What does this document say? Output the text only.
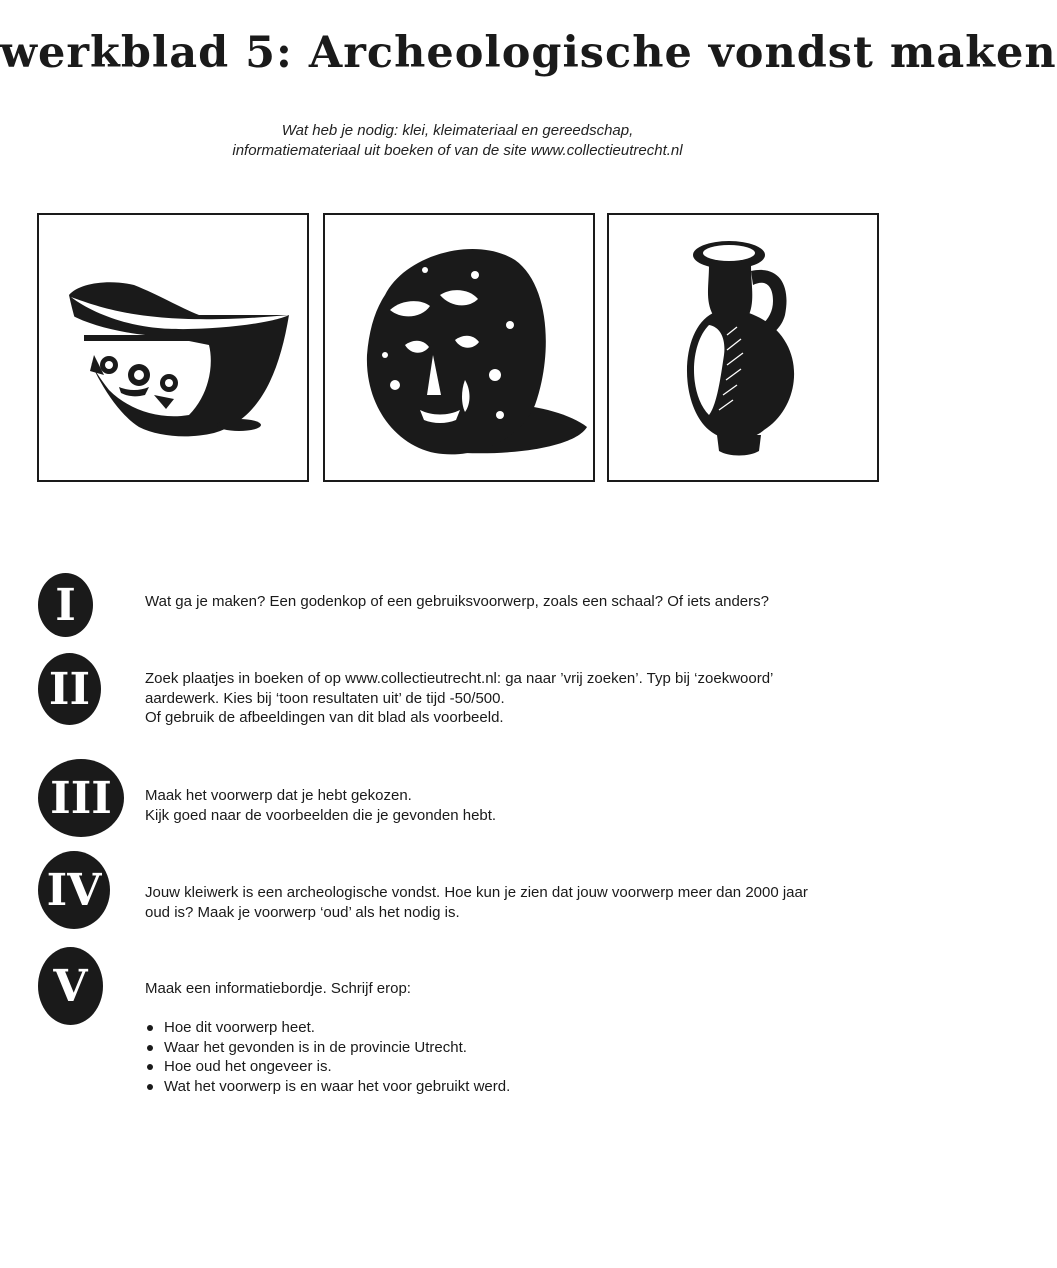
werkblad 5: Archeologische vondst maken
Wat heb je nodig: klei, kleimateriaal en gereedschap,
informatiemateriaal uit boeken of van de site www.collectieutrecht.nl
I	Wat ga je maken? Een godenkop of een gebruiksvoorwerp, zoals een schaal? Of iets anders?
II	Zoek plaatjes in boeken of op www.collectieutrecht.nl: ga naar ’vrij zoeken’. Typ bij ‘zoekwoord’
aardewerk. Kies bij ‘toon resultaten uit’ de tijd -50/500.
Of gebruik de afbeeldingen van dit blad als voorbeeld.
III Maak het voorwerp dat je hebt gekozen.
Kijk goed naar de voorbeelden die je gevonden hebt.
IV	Jouw kleiwerk is een archeologische vondst. Hoe kun je zien dat jouw voorwerp meer dan 2000 jaar
oud is? Maak je voorwerp ‘oud’ als het nodig is.
V	Maak een informatiebordje. Schrijf erop:
Hoe dit voorwerp heet.
Waar het gevonden is in de provincie Utrecht.
Hoe oud het ongeveer is.
Wat het voorwerp is en waar het voor gebruikt werd.
